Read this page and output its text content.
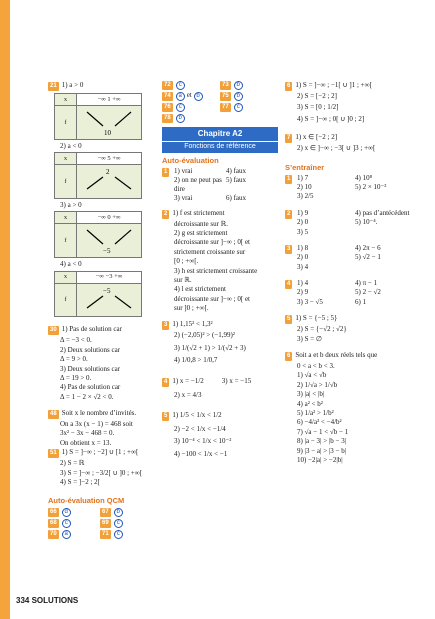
21 1) a > 0
x	−∞ 1 +∞
f	10
2) a < 0
x	−∞ 5 +∞
f	2
3) a > 0
x	−∞ 0 +∞
f	−5
4) a < 0
x	−∞ −3 +∞
f	−5
30 1) Pas de solution car
Δ = −3 < 0.
2) Deux solutions car
Δ = 9 > 0.
3) Deux solutions car
Δ = 19 > 0.
4) Pas de solution car
Δ = 1 − 2 × √2 < 0.
48 Soit x le nombre d’invités.
On a 3x (x − 1) = 468 soit
3x² − 3x − 468 = 0.
On obtient x = 13.
51 1) S = ]−∞ ; −2] ∪ [1 ; +∞[
2) S = ℝ
3) S = ]−∞ ; −3/2[ ∪ ]0 ; +∞[
4) S = ]−2 ; 2[
Auto-évaluation QCM
66 d	67 b
68 c	69 c
70 a	71 c
72 c	73 b
74 a et b	75 b
76 c	77 c
78 b
Chapitre A2
Fonctions de référence
Auto-évaluation
1 1) vrai	4) faux
2) on ne peut pas dire
5) faux
3) vrai	6) faux
2 1) f est strictement
décroissante sur ℝ.
2) g est strictement
décroissante sur ]−∞ ; 0[ et
strictement croissante sur
[0 ; +∞[.
3) h est strictement croissante
sur ℝ.
4) l est strictement
décroissante sur ]−∞ ; 0[ et
sur ]0 ; +∞[.
3 1) 1,15² < 1,3²
2) (−2,05)² > (−1,99)²
3) 1/(√2 + 1) > 1/(√2 + 3)
4) 1/0,8 > 1/0,7
4 1) x = −1/2	3) x = −15
2) x = 4/3
5 1) 1/5 < 1/x < 1/2
2) −2 < 1/x < −1/4
3) 10⁻⁴ < 1/x < 10⁻²
4) −100 < 1/x < −1
6 1) S = ]−∞ ; −1[ ∪ ]1 ; +∞[
2) S = [−2 ; 2]
3) S = [0 ; 1/2]
4) S = ]−∞ ; 0[ ∪ ]0 ; 2]
7 1) x ∈ [−2 ; 2]
2) x ∈ ]−∞ ; −3[ ∪ ]3 ; +∞[
S’entraîner
1 1) 7	4) 10⁸
2) 10	5) 2 × 10⁻³
3) 2/5
2 1) 9	4) pas d’antécédent
2) 0	5) 10⁻⁴.
3) 5
3 1) 8	4) 2π − 6
2) 0	5) √2 − 1
3) 4
4 1) 4	4) π − 1
2) 9	5) 2 − √2
3) 3 − √5	6) 1
5 1) S = {−5 ; 5}
2) S = {−√2 ; √2}
3) S = ∅
6 Soit a et b deux réels tels que
0 < a < b < 3.
1) √a < √b
2) 1/√a > 1/√b
3) |a| < |b|
4) a² < b²
5) 1/a² > 1/b²
6) −4/a² < −4/b²
7) √a − 1 < √b − 1
8) |a − 3| > |b − 3|
9) |3 − a| > |3 − b|
10) −2|a| > −2|b|
334 SOLUTIONS
